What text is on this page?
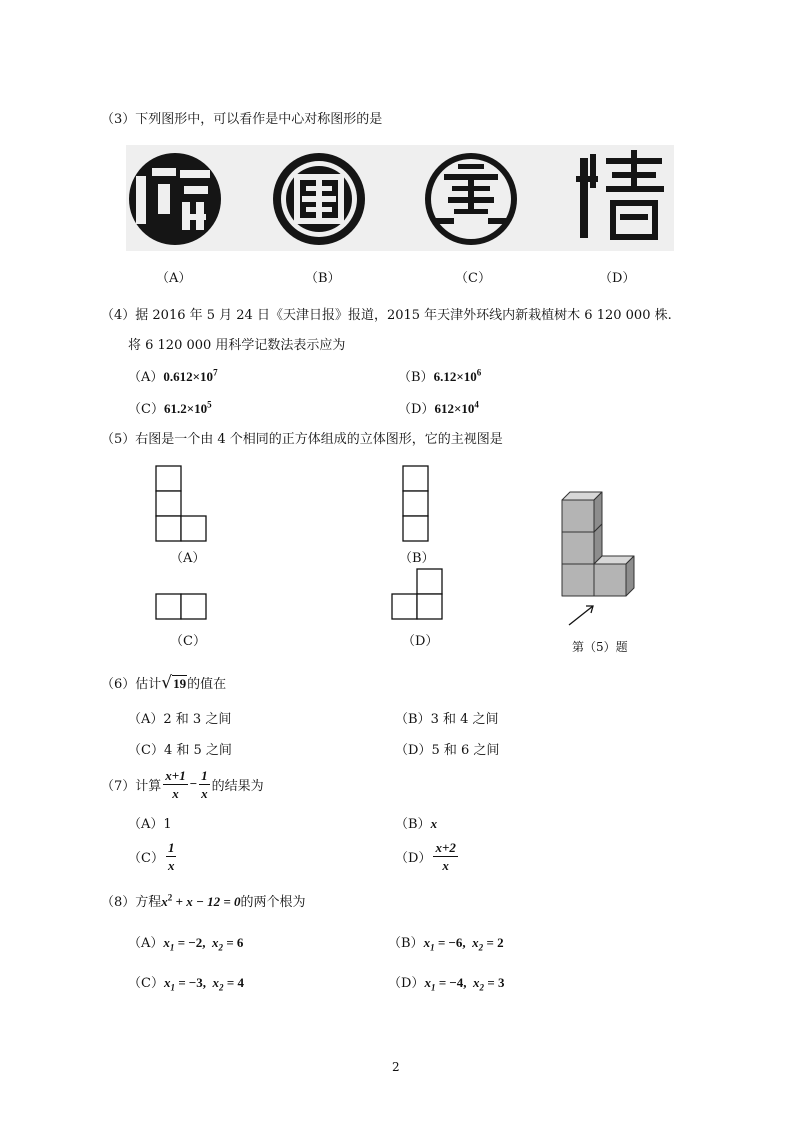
（3）下列图形中，可以看作是中心对称图形的是
（A）	（B）	（C）	（D）
（4）据 2016 年 5 月 24 日《天津日报》报道，2015 年天津外环线内新栽植树木 6 120 000 株.
将 6 120 000 用科学记数法表示应为
$(A)0.612\times 10^7$	$(B)6.12\times 10^6$
$(C)61.2\times 10^5$	$(D)612\times 10^4$
（5）右图是一个由 4 个相同的正方体组成的立体图形，它的主视图是
（A）	（B）
（C）	（D）	第（5）题
（6）估计√19的值在
（A）2 和 3 之间	（B）3 和 4 之间
（C）4 和 5 之间	（D）5 和 6 之间
（7）计算 $\frac{x+1}{x} - \frac{1}{x}$ 的结果为
（A）1	（B）x
$(C) \frac{1}{x}$	$(D) \frac{x+2}{x}$
（8）方程$x^2 + x - 12 = 0$的两个根为
$(A)x_1 = -2$,  $x_2 = 6$	$(B)x_1 = -6$,  $x_2 = 2$
$(C)x_1 = -3$,  $x_2 = 4$	$(D)x_1 = -4$,  $x_2 = 3$
2
